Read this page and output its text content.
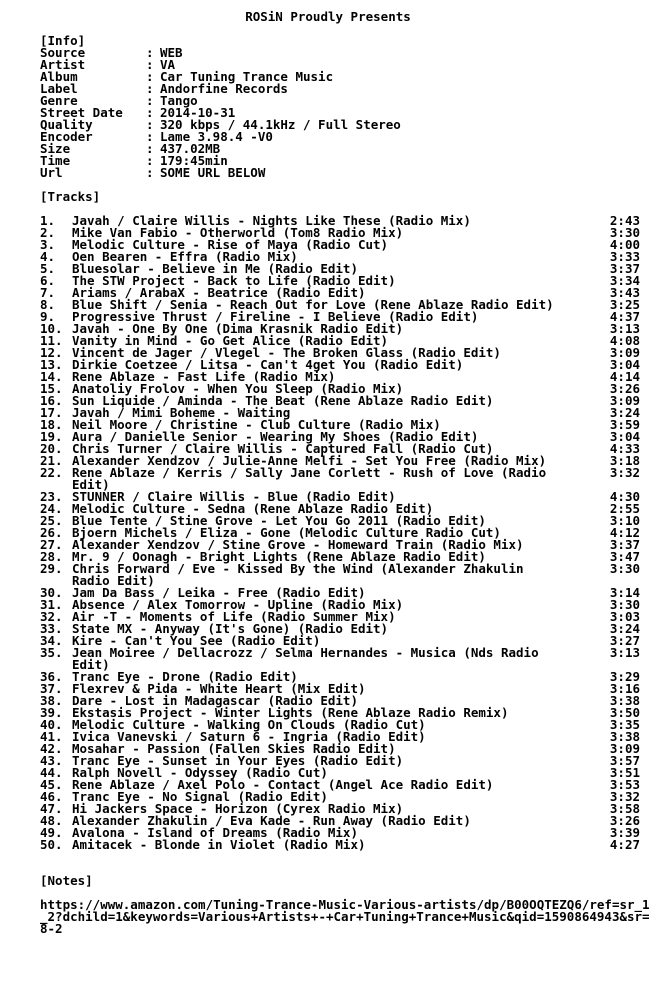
ROSiN Proudly Presents
[Info]
Source	: WEB
Artist	: VA
Album	: Car Tuning Trance Music
Label	: Andorfine Records
Genre	: Tango
Street Date : 2014-10-31
Quality	: 320 kbps / 44.1kHz / Full Stereo
Encoder	: Lame 3.98.4 -V0
Size	: 437.02MB
Time	: 179:45min
Url	: SOME URL BELOW
[Tracks]
1. Javah / Claire Willis - Nights Like These (Radio Mix)	2:43
2. Mike Van Fabio - Otherworld (Tom8 Radio Mix)	3:30
3. Melodic Culture - Rise of Maya (Radio Cut)	4:00
4. Oen Bearen - Effra (Radio Mix)	3:33
5. Bluesolar - Believe in Me (Radio Edit)	3:37
6. The STW Project - Back to Life (Radio Edit)	3:34
7. Ariams / ArabaX - Beatrice (Radio Edit)	3:43
8. Blue Shift / Senia - Reach Out for Love (Rene Ablaze Radio Edit)	3:25
9. Progressive Thrust / Fireline - I Believe (Radio Edit)	4:37
10. Javah - One By One (Dima Krasnik Radio Edit)	3:13
11. Vanity in Mind - Go Get Alice (Radio Edit)	4:08
12. Vincent de Jager / Vlegel - The Broken Glass (Radio Edit)	3:09
13. Dirkie Coetzee / Litsa - Can't 4get You (Radio Edit)	3:04
14. Rene Ablaze - Fast Life (Radio Mix)	4:14
15. Anatoliy Frolov - When You Sleep (Radio Mix)	3:26
16. Sun Liquide / Aminda - The Beat (Rene Ablaze Radio Edit)	3:09
17. Javah / Mimi Boheme - Waiting	3:24
18. Neil Moore / Christine - Club Culture (Radio Mix)	3:59
19. Aura / Danielle Senior - Wearing My Shoes (Radio Edit)	3:04
20. Chris Turner / Claire Willis - Captured Fall (Radio Cut)	4:33
21. Alexander Xendzov / Julie-Anne Melfi - Set You Free (Radio Mix)	3:18
22. Rene Ablaze / Kerris / Sally Jane Corlett - Rush of Love (Radio
Edit)
3:32
23. STUNNER / Claire Willis - Blue (Radio Edit)	4:30
24. Melodic Culture - Sedna (Rene Ablaze Radio Edit)	2:55
25. Blue Tente / Stine Grove - Let You Go 2011 (Radio Edit)	3:10
26. Bjoern Michels / Eliza - Gone (Melodic Culture Radio Cut)	4:12
27. Alexander Xendzov / Stine Grove - Homeward Train (Radio Mix)	3:37
28. Mr. 9 / Oonagh - Bright Lights (Rene Ablaze Radio Edit)	3:47
29. Chris Forward / Eve - Kissed By the Wind (Alexander Zhakulin
Radio Edit)
3:30
30. Jam Da Bass / Leika - Free (Radio Edit)	3:14
31. Absence / Alex Tomorrow - Upline (Radio Mix)	3:30
32. Air -T - Moments of Life (Radio Summer Mix)	3:03
33. State MX - Anyway (It's Gone) (Radio Edit)	3:24
34. Kire - Can't You See (Radio Edit)	3:27
35. Jean Moiree / Dellacrozz / Selma Hernandes - Musica (Nds Radio
Edit)
3:13
36. Tranc Eye - Drone (Radio Edit)	3:29
37. Flexrev & Pida - White Heart (Mix Edit)	3:16
38. Dare - Lost in Madagascar (Radio Edit)	3:38
39. Ekstasis Project - Winter Lights (Rene Ablaze Radio Remix)	3:50
40. Melodic Culture - Walking On Clouds (Radio Cut)	3:35
41. Ivica Vanevski / Saturn 6 - Ingria (Radio Edit)	3:38
42. Mosahar - Passion (Fallen Skies Radio Edit)	3:09
43. Tranc Eye - Sunset in Your Eyes (Radio Edit)	3:57
44. Ralph Novell - Odyssey (Radio Cut)	3:51
45. Rene Ablaze / Axel Polo - Contact (Angel Ace Radio Edit)	3:53
46. Tranc Eye - No Signal (Radio Edit)	3:32
47. Hi Jackers Space - Horizon (Cyrex Radio Mix)	3:58
48. Alexander Zhakulin / Eva Kade - Run Away (Radio Edit)	3:26
49. Avalona - Island of Dreams (Radio Mix)	3:39
50. Amitacek - Blonde in Violet (Radio Mix)	4:27
[Notes]
https://www.amazon.com/Tuning-Trance-Music-Various-artists/dp/B00OQTEZQ6/ref=sr_1_2?dchild=1&keywords=Various+Artists+-+Car+Tuning+Trance+Music&qid=1590864943&sr=8-2
